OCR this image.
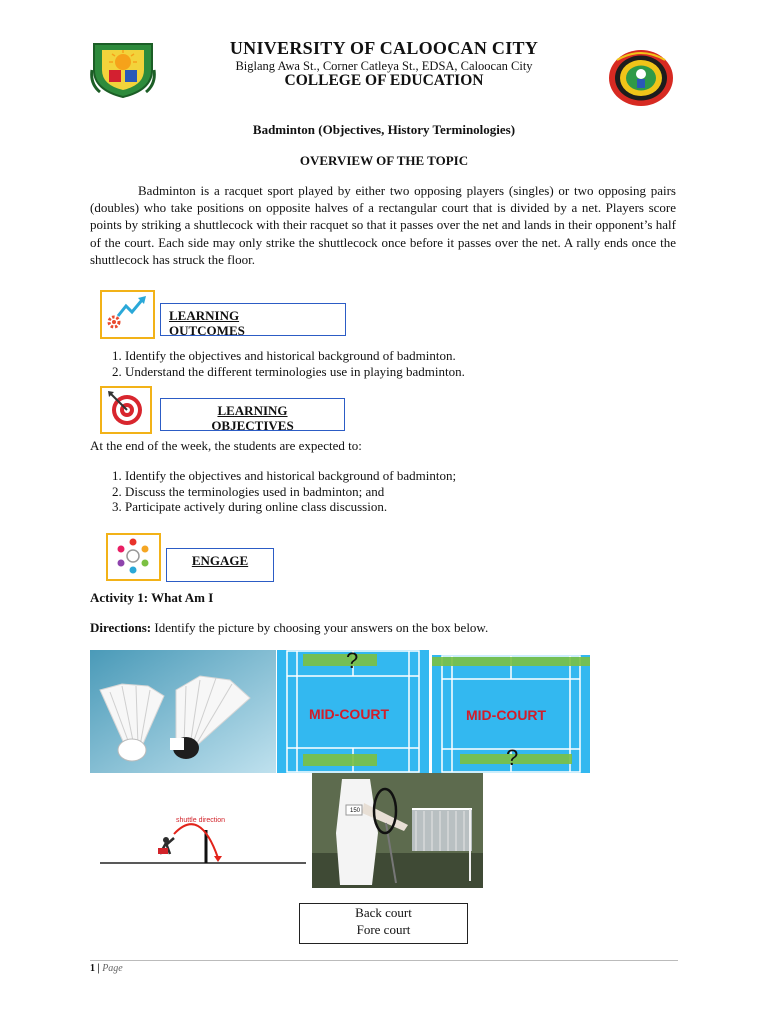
UNIVERSITY OF CALOOCAN CITY
Biglang Awa St., Corner Catleya St., EDSA, Caloocan City
COLLEGE OF EDUCATION
Badminton (Objectives, History Terminologies)
OVERVIEW OF THE TOPIC
Badminton is a racquet sport played by either two opposing players (singles) or two opposing pairs (doubles) who take positions on opposite halves of a rectangular court that is divided by a net. Players score points by striking a shuttlecock with their racquet so that it passes over the net and lands in their opponent’s half of the court. Each side may only strike the shuttlecock once before it passes over the net. A rally ends once the shuttlecock has struck the floor.
LEARNING
OUTCOMES
1. Identify the objectives and historical background of badminton.
2. Understand the different terminologies use in playing badminton.
LEARNING
OBJECTIVES
At the end of the week, the students are expected to:
1. Identify the objectives and historical background of badminton;
2. Discuss the terminologies used in badminton; and
3. Participate actively during online class discussion.
ENGAGE
Activity 1: What Am I
Directions: Identify the picture by choosing your answers on the box below.
?
MID-COURT
?
MID-COURT
shuttle direction
150
Back court
Fore court
1 | Page
